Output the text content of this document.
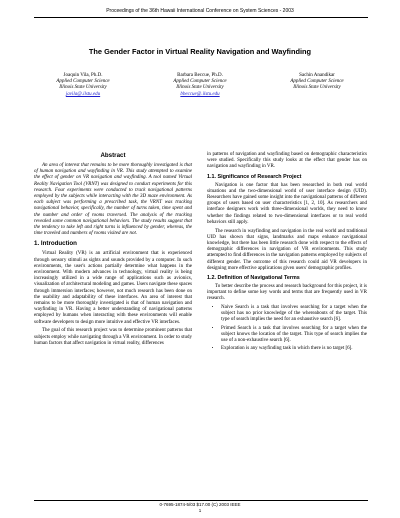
Proceedings of the 36th Hawaii International Conference on System Sciences - 2003
The Gender Factor in Virtual Reality Navigation and Wayfinding
Joaquin Vila, Ph.D.
Applied Computer Science
Illinois State University
javila@.ilstu.edu
Barbara Beccue, Ph.D.
Applied Computer Science
Illinois State University
bbeccue@.ilstu.edu
Sachin Anandikar
Applied Computer Science
Illinois State University
Abstract

An area of interest that remains to be more thoroughly investigated is that of human navigation and wayfinding in VR. This study attempted to examine the effect of gender on VR navigation and wayfinding. A tool named Virtual Reality Navigation Tool (VRNT) was designed to conduct experiments for this research. Four experiments were conducted to track navigational patterns employed by the subjects while interacting with the 3D maze environment. As each subject was performing a prescribed task, the VRNT was tracking navigational behavior, specifically, the number of turns taken, time spent and the number and order of rooms traversed. The analysis of the tracking revealed some common navigational behaviors. The study results suggest that the tendency to take left and right turns is influenced by gender, whereas, the time traveled and numbers of rooms visited are not.

1. Introduction

Virtual Reality (VR) is an artificial environment that is experienced through sensory stimuli as sights and sounds provided by a computer. In such environments, the user's actions partially determine what happens in the environment. With modern advances in technology, virtual reality is being increasingly utilized in a wide range of applications such as avionics, visualization of architectural modeling and games. Users navigate these spaces through immersion interfaces; however, not much research has been done on the usability and adaptability of these interfaces. An area of interest that remains to be more thoroughly investigated is that of human navigation and wayfinding in VR. Having a better understanding of navigational patterns employed by humans when interacting with these environments will enable software developers to design more intuitive and effective VR interfaces.

The goal of this research project was to determine prominent patterns that subjects employ while navigating through a VR environment. In order to study human factors that affect navigation in virtual reality, differences

in patterns of navigation and wayfinding based on demographic characteristics were studied. Specifically this study looks at the effect that gender has on navigation and wayfinding in VR.

1.1. Significance of Research Project

Navigation is one factor that has been researched in both real world situations and the two-dimensional world of user interface design (UID). Researchers have gained some insight into the navigational patterns of different groups of users based on user characteristics [1, 2, 10]. As researchers and interface designers work with three-dimensional worlds, they need to know whether the findings related to two-dimensional interfaces or to real world behaviors still apply.

The research in wayfinding and navigation in the real world and traditional UID has shown that signs, landmarks and maps enhance navigational knowledge, but there has been little research done with respect to the effects of demographic differences in navigation of VR environments. This study attempted to find differences in the navigation patterns employed by subjects of different gender. The outcome of this research could aid VR developers in designing more effective applications given users' demographic profiles.

1.2. Definition of Navigational Terms

To better describe the process and research background for this project, it is important to define some key words and terms that are frequently used in VR research.

• Naive Search is a task that involves searching for a target when the subject has no prior knowledge of the whereabouts of the target. This type of search implies the need for an exhaustive search [6].
• Primed Search is a task that involves searching for a target when the subject knows the location of the target. This type of search implies the use of a non-exhaustive search [6].
• Exploration is any wayfinding task in which there is no target [6].
0-7695-1874-5/03 $17.00 (C) 2003 IEEE
1
